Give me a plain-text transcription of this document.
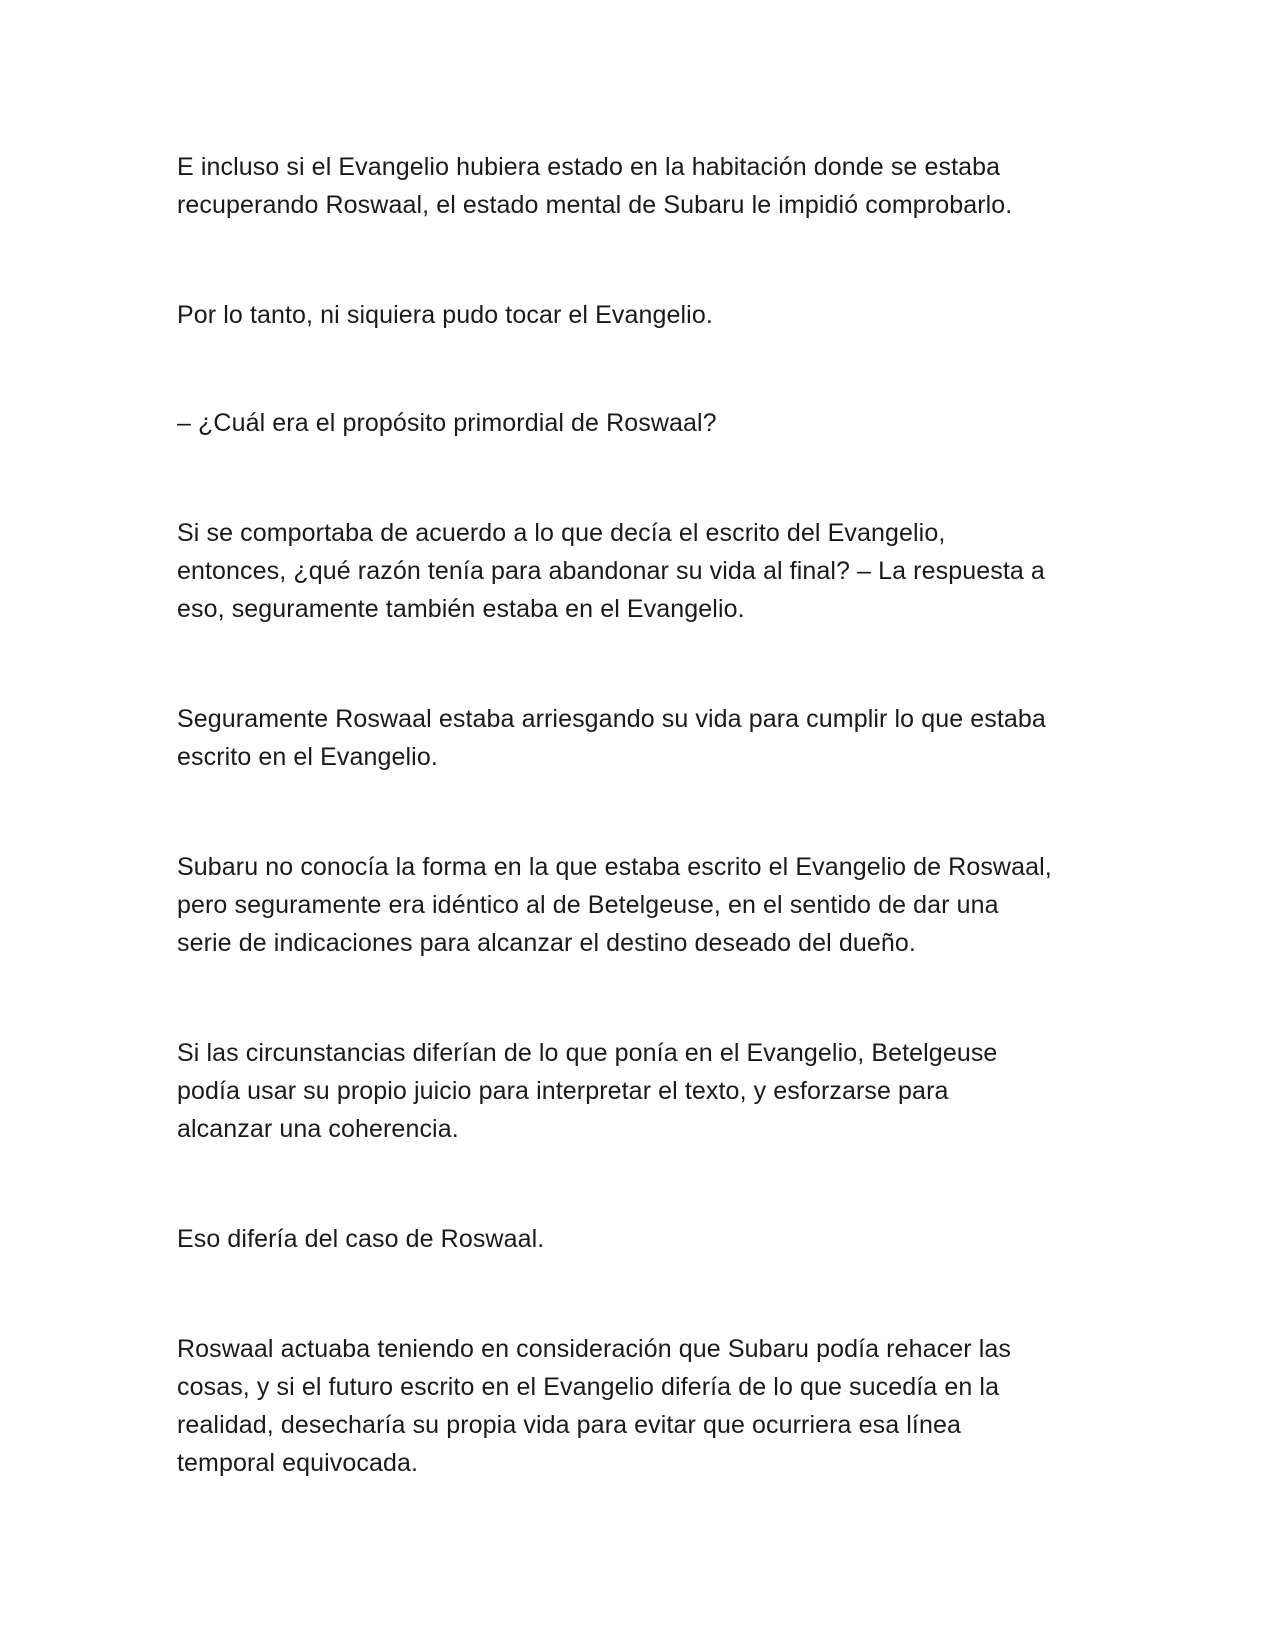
E incluso si el Evangelio hubiera estado en la habitación donde se estaba
recuperando Roswaal, el estado mental de Subaru le impidió comprobarlo.

Por lo tanto, ni siquiera pudo tocar el Evangelio.

– ¿Cuál era el propósito primordial de Roswaal?

Si se comportaba de acuerdo a lo que decía el escrito del Evangelio,
entonces, ¿qué razón tenía para abandonar su vida al final? – La respuesta a
eso, seguramente también estaba en el Evangelio.

Seguramente Roswaal estaba arriesgando su vida para cumplir lo que estaba
escrito en el Evangelio.

Subaru no conocía la forma en la que estaba escrito el Evangelio de Roswaal,
pero seguramente era idéntico al de Betelgeuse, en el sentido de dar una
serie de indicaciones para alcanzar el destino deseado del dueño.

Si las circunstancias diferían de lo que ponía en el Evangelio, Betelgeuse
podía usar su propio juicio para interpretar el texto, y esforzarse para
alcanzar una coherencia.

Eso difería del caso de Roswaal.

Roswaal actuaba teniendo en consideración que Subaru podía rehacer las
cosas, y si el futuro escrito en el Evangelio difería de lo que sucedía en la
realidad, desecharía su propia vida para evitar que ocurriera esa línea
temporal equivocada.
